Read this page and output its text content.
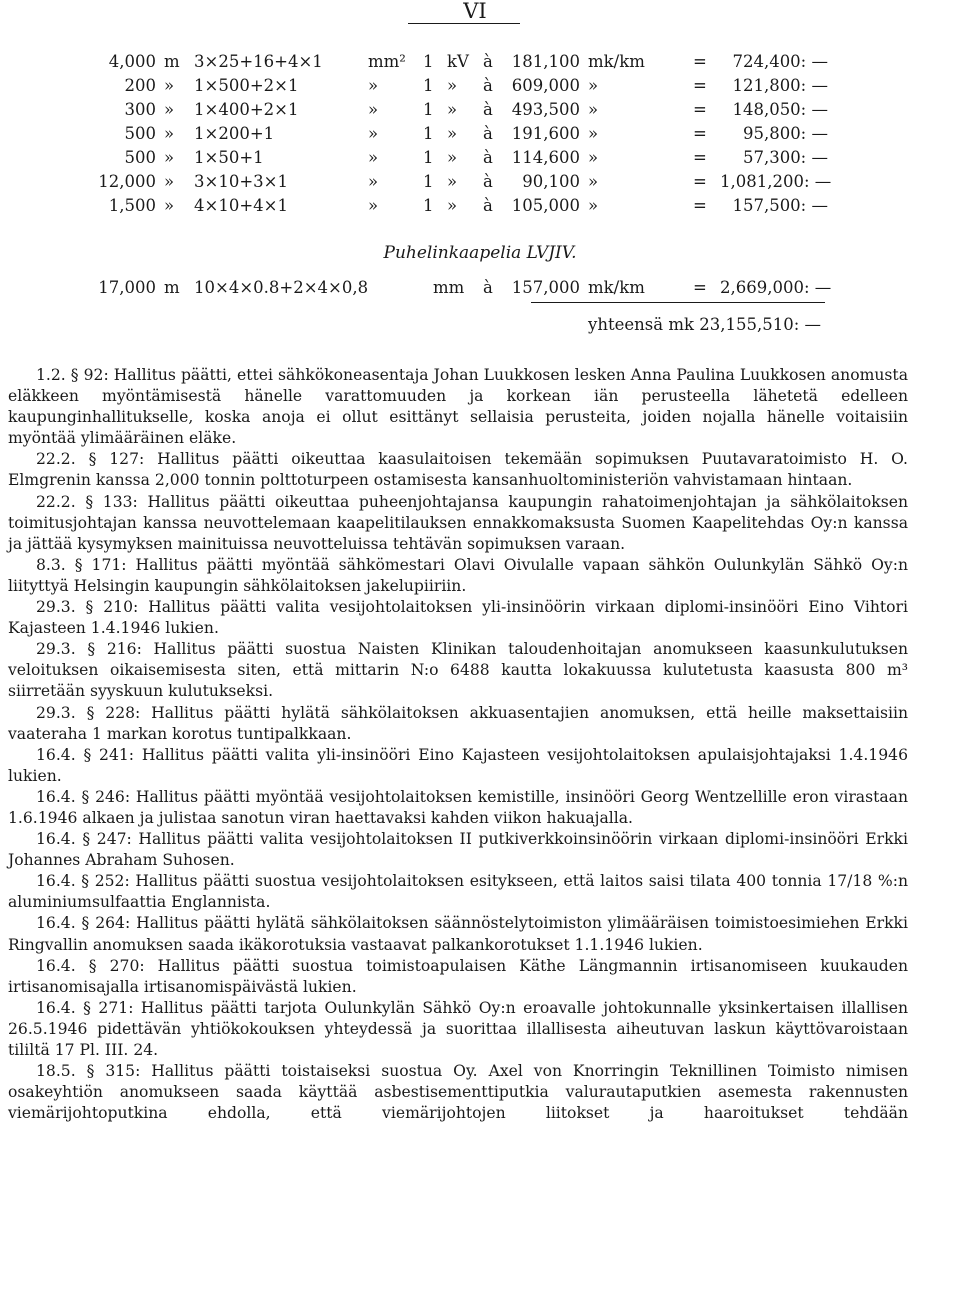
VI
4,000 m 3×25+16+4×1	mm² 1 kV à	181,100 mk/km	=	724,400: —
200 »	1×500+2×1	»	1 » à	609,000 »	=	121,800: —
300 »	1×400+2×1	»	1 » à	493,500 »	=	148,050: —
500 »	1×200+1	»	1 » à	191,600 »	=	95,800: —
500 »	1×50+1	»	1 » à	114,600 »	=	57,300: —
12,000 »	3×10+3×1	»	1 » à	90,100 »	= 1,081,200: —
1,500 »	4×10+4×1	»	1 » à	105,000 »	=	157,500: —
Puhelinkaapelia LVJIV.
17,000 m 10×4×0.8+2×4×0,8	mm à	157,000 mk/km	= 2,669,000: —
yhteensä mk 23,155,510: —

1.2. § 92: Hallitus päätti, ettei sähkökoneasentaja Johan Luukkosen lesken Anna Paulina Luukkosen anomusta eläkkeen myöntämisestä hänelle varattomuuden ja korkean iän perusteella lähetetä edelleen kaupunginhallitukselle, koska anoja ei ollut esittänyt sellaisia perusteita, joiden nojalla hänelle voitaisiin myöntää ylimääräinen eläke.

22.2. § 127: Hallitus päätti oikeuttaa kaasulaitoisen tekemään sopimuksen Puutavaratoimisto H. O. Elmgrenin kanssa 2,000 tonnin polttoturpeen ostamisesta kansanhuoltoministeriön vahvistamaan hintaan.

22.2. § 133: Hallitus päätti oikeuttaa puheenjohtajansa kaupungin rahatoimenjohtajan ja sähkölaitoksen toimitusjohtajan kanssa neuvottelemaan kaapelitilauksen ennakkomaksusta Suomen Kaapelitehdas Oy:n kanssa ja jättää kysymyksen mainituissa neuvotteluissa tehtävän sopimuksen varaan.

8.3. § 171: Hallitus päätti myöntää sähkömestari Olavi Oivulalle vapaan sähkön Oulunkylän Sähkö Oy:n liityttyä Helsingin kaupungin sähkölaitoksen jakelupiiriin.

29.3. § 210: Hallitus päätti valita vesijohtolaitoksen yli-insinöörin virkaan diplomi-insinööri Eino Vihtori Kajasteen 1.4.1946 lukien.

29.3. § 216: Hallitus päätti suostua Naisten Klinikan taloudenhoitajan anomukseen kaasunkulutuksen veloituksen oikaisemisesta siten, että mittarin N:o 6488 kautta lokakuussa kulutetusta kaasusta 800 m³ siirretään syyskuun kulutukseksi.

29.3. § 228: Hallitus päätti hylätä sähkölaitoksen akkuasentajien anomuksen, että heille maksettaisiin vaateraha 1 markan korotus tuntipalkkaan.

16.4. § 241: Hallitus päätti valita yli-insinööri Eino Kajasteen vesijohtolaitoksen apulaisjohtajaksi 1.4.1946 lukien.

16.4. § 246: Hallitus päätti myöntää vesijohtolaitoksen kemistille, insinööri Georg Wentzellille eron virastaan 1.6.1946 alkaen ja julistaa sanotun viran haettavaksi kahden viikon hakuajalla.

16.4. § 247: Hallitus päätti valita vesijohtolaitoksen II putkiverkkoinsinöörin virkaan diplomi-insinööri Erkki Johannes Abraham Suhosen.

16.4. § 252: Hallitus päätti suostua vesijohtolaitoksen esitykseen, että laitos saisi tilata 400 tonnia 17/18 %:n aluminiumsulfaattia Englannista.

16.4. § 264: Hallitus päätti hylätä sähkölaitoksen säännöstelytoimiston ylimääräisen toimistoesimiehen Erkki Ringvallin anomuksen saada ikäkorotuksia vastaavat palkankorotukset 1.1.1946 lukien.

16.4. § 270: Hallitus päätti suostua toimistoapulaisen Käthe Längmannin irtisanomiseen kuukauden irtisanomisajalla irtisanomispäivästä lukien.

16.4. § 271: Hallitus päätti tarjota Oulunkylän Sähkö Oy:n eroavalle johtokunnalle yksinkertaisen illallisen 26.5.1946 pidettävän yhtiökokouksen yhteydessä ja suorittaa illallisesta aiheutuvan laskun käyttövaroistaan tililtä 17 Pl. III. 24.

18.5. § 315: Hallitus päätti toistaiseksi suostua Oy. Axel von Knorringin Teknillinen Toimisto nimisen osakeyhtiön anomukseen saada käyttää asbestisementtiputkia valurautaputkien asemesta rakennusten viemärijohtoputkina ehdolla, että viemärijohtojen liitokset ja haaroitukset tehdään
